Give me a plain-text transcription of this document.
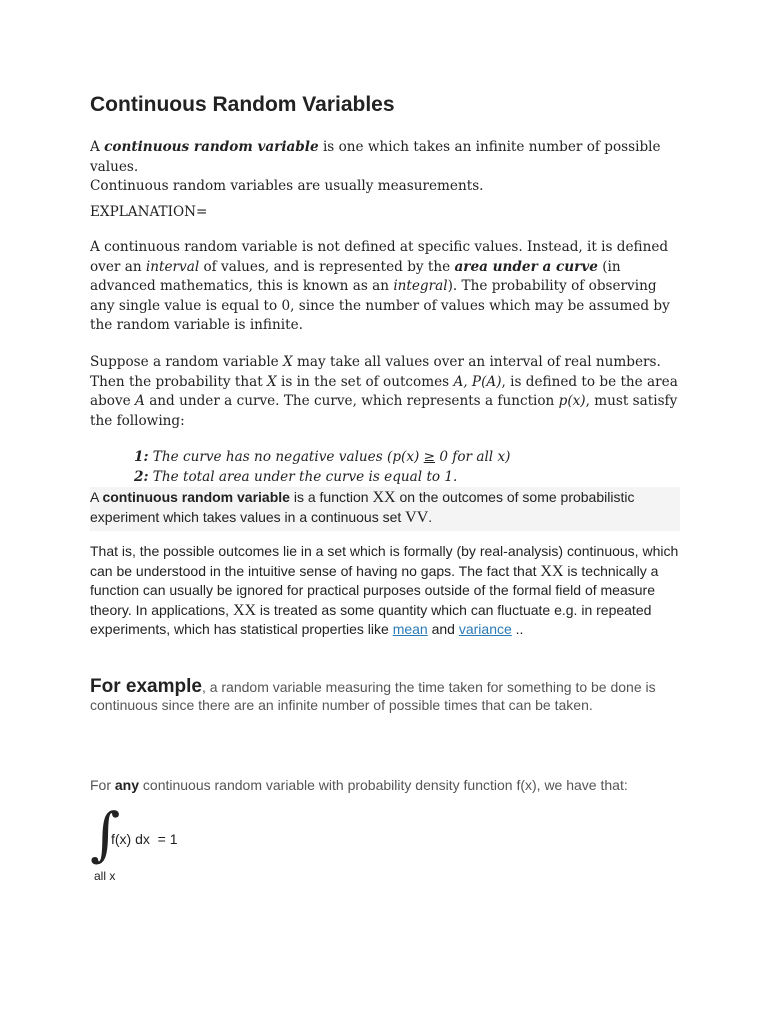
Continuous Random Variables

A continuous random variable is one which takes an infinite number of possible values.
Continuous random variables are usually measurements.

EXPLANATION=

A continuous random variable is not defined at specific values. Instead, it is defined over an interval of values, and is represented by the area under a curve (in advanced mathematics, this is known as an integral). The probability of observing any single value is equal to 0, since the number of values which may be assumed by the random variable is infinite.

Suppose a random variable X may take all values over an interval of real numbers. Then the probability that X is in the set of outcomes A, P(A), is defined to be the area above A and under a curve. The curve, which represents a function p(x), must satisfy the following:

1: The curve has no negative values (p(x) ≥ 0 for all x)
2: The total area under the curve is equal to 1.
A continuous random variable is a function XX on the outcomes of some probabilistic experiment which takes values in a continuous set VV.

That is, the possible outcomes lie in a set which is formally (by real-analysis) continuous, which can be understood in the intuitive sense of having no gaps. The fact that XX is technically a function can usually be ignored for practical purposes outside of the formal field of measure theory. In applications, XX is treated as some quantity which can fluctuate e.g. in repeated experiments, which has statistical properties like mean and variance ..

For example, a random variable measuring the time taken for something to be done is continuous since there are an infinite number of possible times that can be taken.

For any continuous random variable with probability density function f(x), we have that:

∫
f(x) dx  = 1
all x
